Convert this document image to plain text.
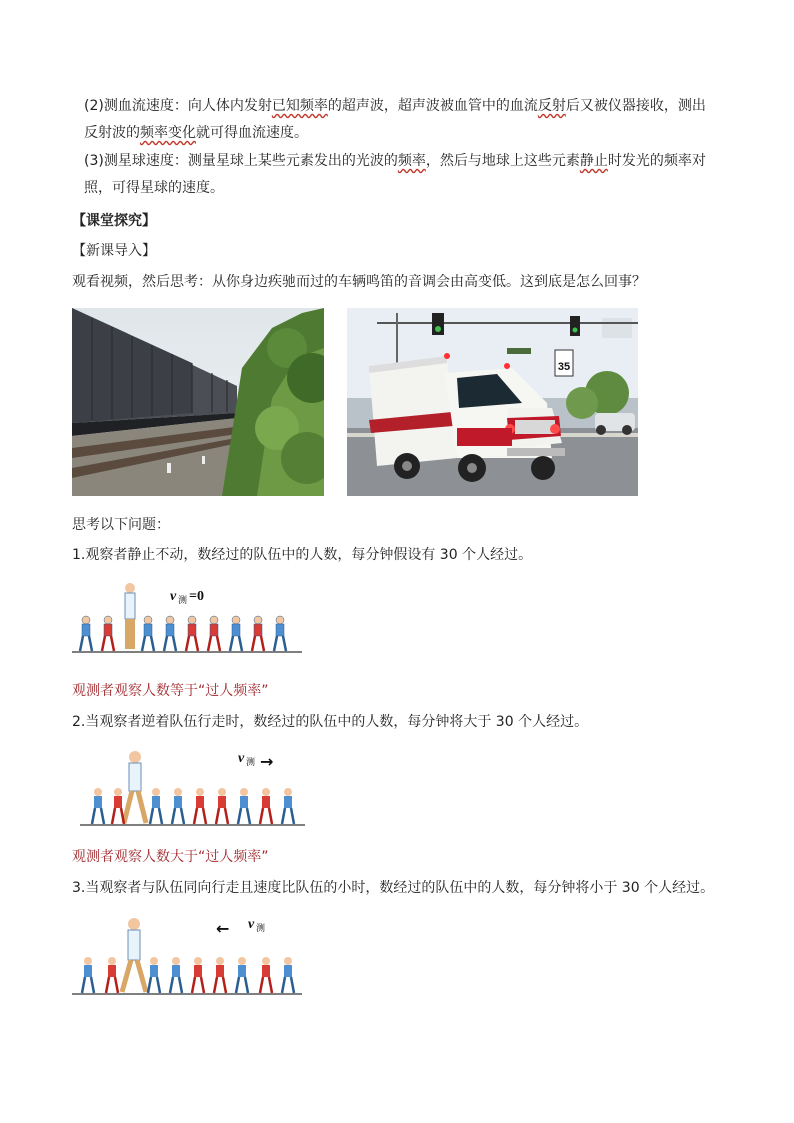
(2)测血流速度：向人体内发射已知频率的超声波，超声波被血管中的血流反射后又被仪器接收，测出
反射波的频率变化就可得血流速度。
(3)测星球速度：测量星球上某些元素发出的光波的频率，然后与地球上这些元素静止时发光的频率对
照，可得星球的速度。
【课堂探究】
【新课导入】
观看视频，然后思考：从你身边疾驰而过的车辆鸣笛的音调会由高变低。这到底是怎么回事？
35
思考以下问题：
1.观察者静止不动，数经过的队伍中的人数，每分钟假设有 30 个人经过。
v 测 =0
观测者观察人数等于“过人频率”
2.当观察者逆着队伍行走时，数经过的队伍中的人数，每分钟将大于 30 个人经过。
v 测 →
观测者观察人数大于“过人频率”
3.当观察者与队伍同向行走且速度比队伍的小时，数经过的队伍中的人数，每分钟将小于 30 个人经过。
← v 测
